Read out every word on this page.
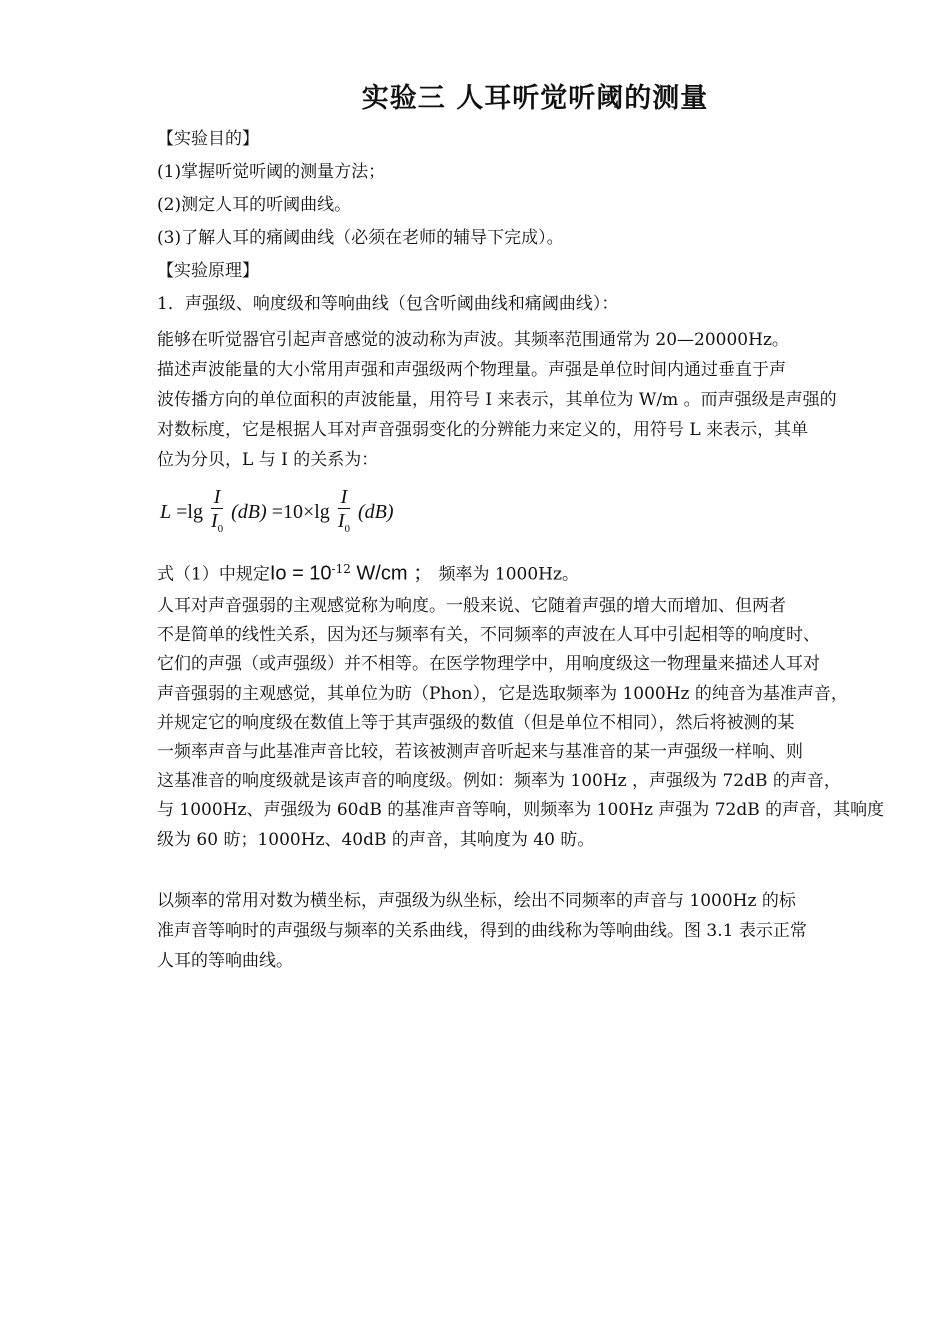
实验三 人耳听觉听阈的测量
【实验目的】
(1)掌握听觉听阈的测量方法；
(2)测定人耳的听阈曲线。
(3)了解人耳的痛阈曲线（必须在老师的辅导下完成）。
【实验原理】
1．声强级、响度级和等响曲线（包含听阈曲线和痛阈曲线）：
能够在听觉器官引起声音感觉的波动称为声波。其频率范围通常为 20—20000Hz。
描述声波能量的大小常用声强和声强级两个物理量。声强是单位时间内通过垂直于声
波传播方向的单位面积的声波能量，用符号 I 来表示，其单位为 W/m 。而声强级是声强的
对数标度，它是根据人耳对声音强弱变化的分辨能力来定义的，用符号 L 来表示，其单
位为分贝，L 与 I 的关系为：
$L =\lg \frac{I}{I_0} (dB) =10\times\lg \frac{I}{I_0} (dB)$
式（1）中规定$Io = 10^{-12}$ W/cm ； 频率为 1000Hz。
人耳对声音强弱的主观感觉称为响度。一般来说、它随着声强的增大而增加、但两者
不是简单的线性关系，因为还与频率有关，不同频率的声波在人耳中引起相等的响度时、
它们的声强（或声强级）并不相等。在医学物理学中，用响度级这一物理量来描述人耳对
声音强弱的主观感觉，其单位为昉（Phon），它是选取频率为 1000Hz 的纯音为基准声音，
并规定它的响度级在数值上等于其声强级的数值（但是单位不相同），然后将被测的某
一频率声音与此基准声音比较，若该被测声音听起来与基准音的某一声强级一样响、则
这基准音的响度级就是该声音的响度级。例如：频率为 100Hz ，声强级为 72dB 的声音，
与 1000Hz、声强级为 60dB 的基准声音等响，则频率为 100Hz 声强为 72dB 的声音，其响度
级为 60 昉；1000Hz、40dB 的声音，其响度为 40 昉。
以频率的常用对数为横坐标，声强级为纵坐标，绘出不同频率的声音与 1000Hz 的标
准声音等响时的声强级与频率的关系曲线，得到的曲线称为等响曲线。图 3.1 表示正常
人耳的等响曲线。
